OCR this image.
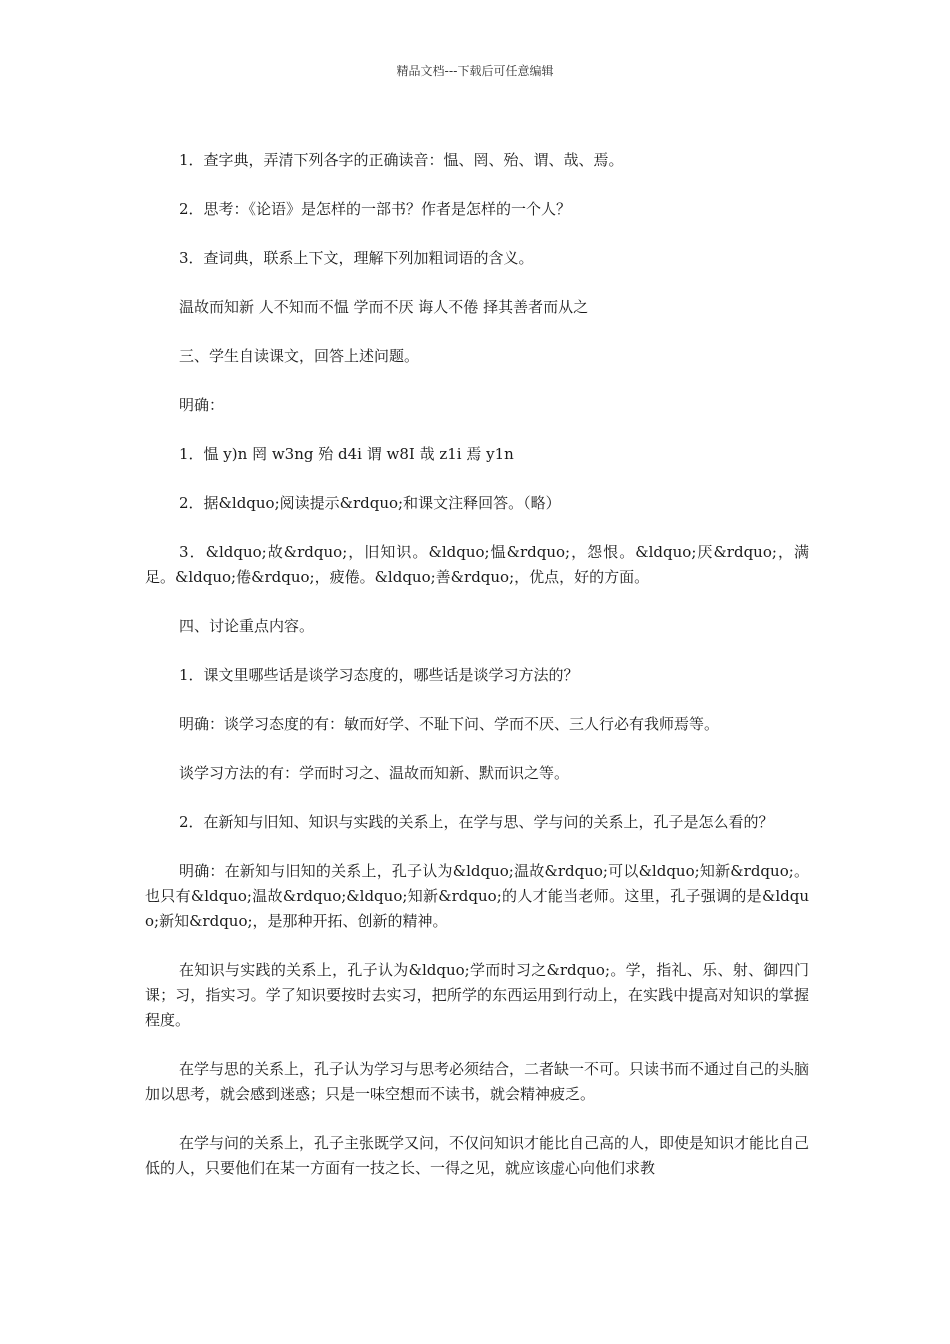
精品文档---下载后可任意编辑

1．查字典，弄清下列各字的正确读音：愠、罔、殆、谓、哉、焉。

2．思考：《论语》是怎样的一部书？作者是怎样的一个人？

3．查词典，联系上下文，理解下列加粗词语的含义。

温故而知新 人不知而不愠 学而不厌 诲人不倦 择其善者而从之

三、学生自读课文，回答上述问题。

明确：

1．愠 y)n 罔 w3ng 殆 d4i 谓 w8I 哉 z1i 焉 y1n

2．据&ldquo;阅读提示&rdquo;和课文注释回答。（略）

3．&ldquo;故&rdquo;，旧知识。&ldquo;愠&rdquo;，怨恨。&ldquo;厌&rdquo;，满足。&ldquo;倦&rdquo;，疲倦。&ldquo;善&rdquo;，优点，好的方面。

四、讨论重点内容。

1．课文里哪些话是谈学习态度的，哪些话是谈学习方法的？

明确：谈学习态度的有：敏而好学、不耻下问、学而不厌、三人行必有我师焉等。

谈学习方法的有：学而时习之、温故而知新、默而识之等。

2．在新知与旧知、知识与实践的关系上，在学与思、学与问的关系上，孔子是怎么看的？

明确：在新知与旧知的关系上，孔子认为&ldquo;温故&rdquo;可以&ldquo;知新&rdquo;。也只有&ldquo;温故&rdquo;&ldquo;知新&rdquo;的人才能当老师。这里，孔子强调的是&ldquo;新知&rdquo;，是那种开拓、创新的精神。

在知识与实践的关系上，孔子认为&ldquo;学而时习之&rdquo;。学，指礼、乐、射、御四门课；习，指实习。学了知识要按时去实习，把所学的东西运用到行动上，在实践中提高对知识的掌握程度。

在学与思的关系上，孔子认为学习与思考必须结合，二者缺一不可。只读书而不通过自己的头脑加以思考，就会感到迷惑；只是一味空想而不读书，就会精神疲乏。

在学与问的关系上，孔子主张既学又问，不仅问知识才能比自己高的人，即使是知识才能比自己低的人，只要他们在某一方面有一技之长、一得之见，就应该虚心向他们求教
